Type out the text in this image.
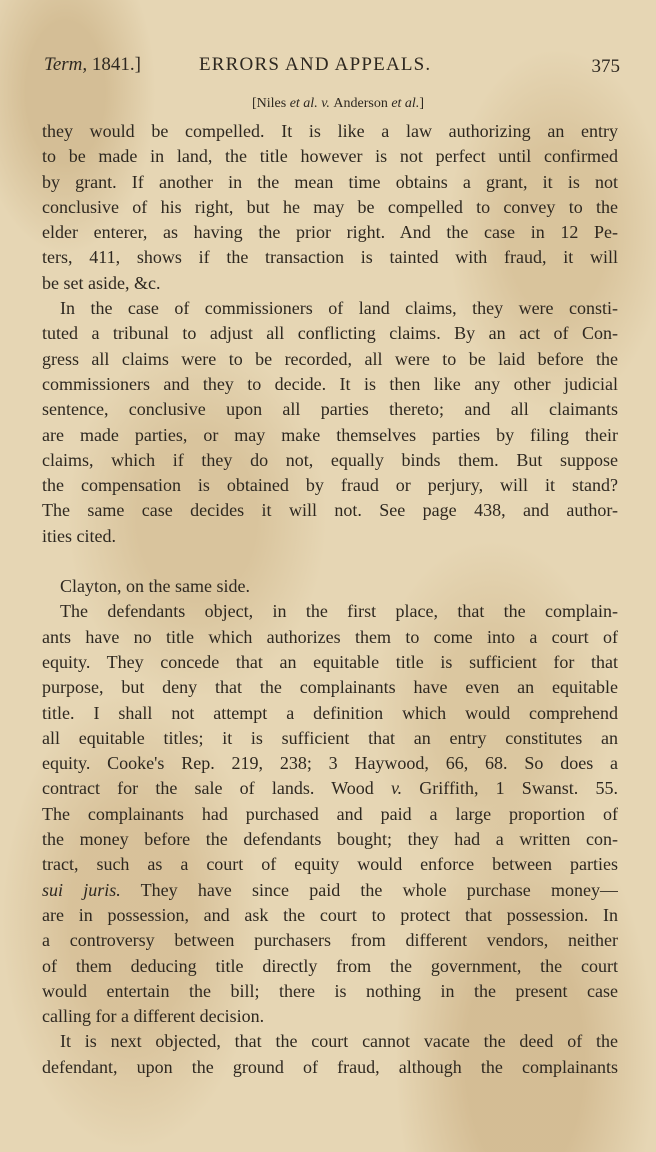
Term, 1841.]	ERRORS AND APPEALS.	375
[Niles et al. v. Anderson et al.]
they would be compelled. It is like a law authorizing an entry
to be made in land, the title however is not perfect until confirmed
by grant. If another in the mean time obtains a grant, it is not
conclusive of his right, but he may be compelled to convey to the
elder enterer, as having the prior right. And the case in 12 Pe-
ters, 411, shows if the transaction is tainted with fraud, it will
be set aside, &c.
In the case of commissioners of land claims, they were consti-
tuted a tribunal to adjust all conflicting claims. By an act of Con-
gress all claims were to be recorded, all were to be laid before the
commissioners and they to decide. It is then like any other judicial
sentence, conclusive upon all parties thereto; and all claimants
are made parties, or may make themselves parties by filing their
claims, which if they do not, equally binds them. But suppose
the compensation is obtained by fraud or perjury, will it stand?
The same case decides it will not. See page 438, and author-
ities cited.
Clayton, on the same side.
The defendants object, in the first place, that the complain-
ants have no title which authorizes them to come into a court of
equity. They concede that an equitable title is sufficient for that
purpose, but deny that the complainants have even an equitable
title. I shall not attempt a definition which would comprehend
all equitable titles; it is sufficient that an entry constitutes an
equity. Cooke's Rep. 219, 238; 3 Haywood, 66, 68. So does a
contract for the sale of lands. Wood v. Griffith, 1 Swanst. 55.
The complainants had purchased and paid a large proportion of
the money before the defendants bought; they had a written con-
tract, such as a court of equity would enforce between parties
sui juris. They have since paid the whole purchase money—
are in possession, and ask the court to protect that possession. In
a controversy between purchasers from different vendors, neither
of them deducing title directly from the government, the court
would entertain the bill; there is nothing in the present case
calling for a different decision.
It is next objected, that the court cannot vacate the deed of the
defendant, upon the ground of fraud, although the complainants
